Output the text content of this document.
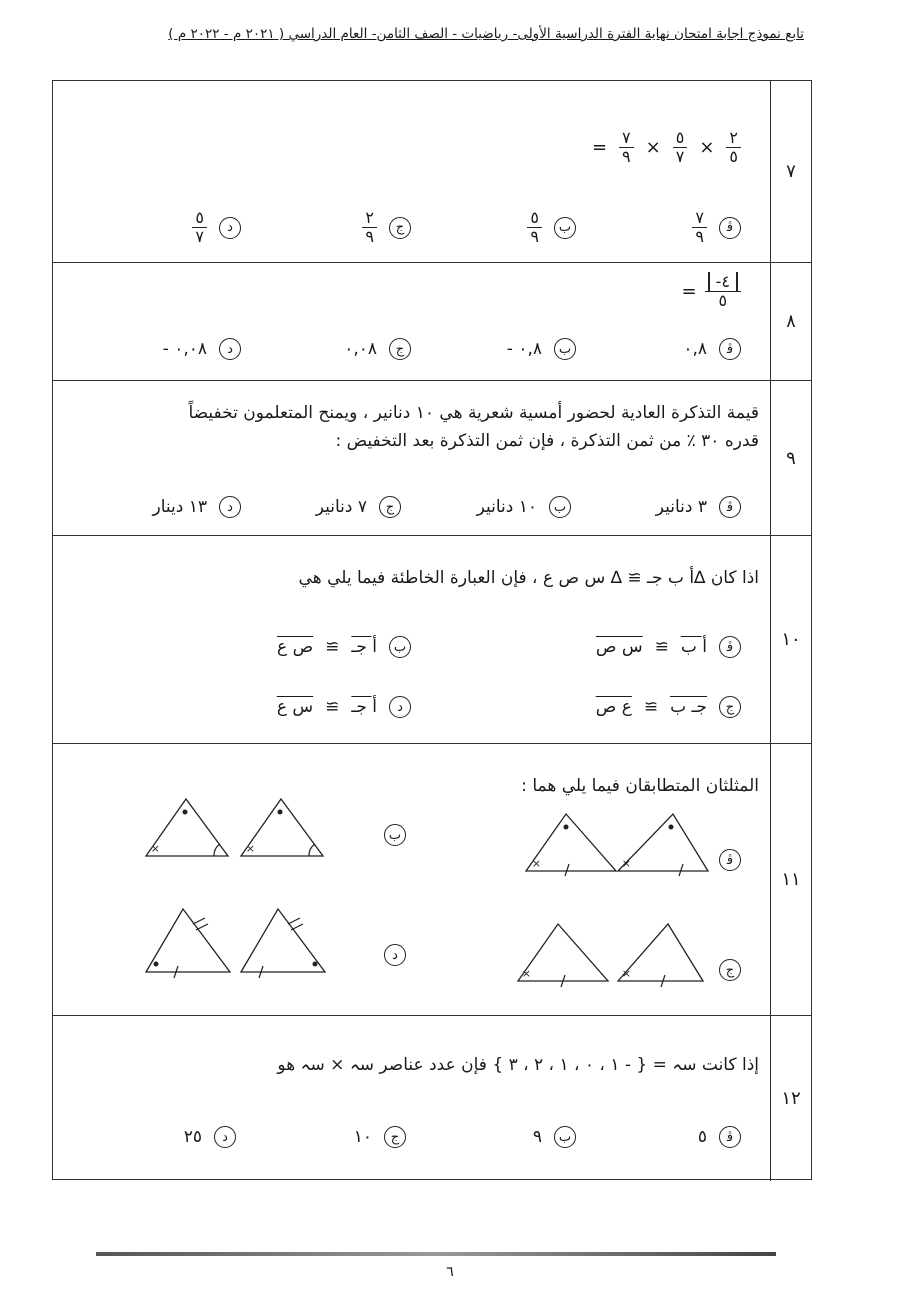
تابع نموذج اجابة امتحان نهاية الفترة الدراسية الأولى- رياضيات - الصف الثامن- العام الدراسي ( ٢٠٢١ م - ٢٠٢٢ م )
٧
$\frac{٢}{٥}$
×
$\frac{٥}{٧}$
×
$\frac{٧}{٩}$
=
ﭬ
$\frac{٧}{٩}$
ب
$\frac{٥}{٩}$
ج
$\frac{٢}{٩}$
د
$\frac{٥}{٧}$
٨
$\frac{٤-}{٥}$
=
ﭬ
٠,٨
ب
٠,٨ -
ج
٠,٠٨
د
٠,٠٨ -
٩
قيمة التذكرة العادية لحضور أمسية شعرية هي ١٠ دنانير ، ويمنح المتعلمون تخفيضاً
قدره ٣٠ ٪ من ثمن التذكرة ، فإن ثمن التذكرة بعد التخفيض :
ﭬ
٣ دنانير
ب
١٠ دنانير
ج
٧ دنانير
د
١٣ دينار
١٠
اذا كان ∆أ ب جـ ≅ ∆ س ص ع ، فإن العبارة الخاطئة فيما يلي هي
ﭬ
أ ب
≅
س ص
ب
أ جـ
≅
ص ع
ج
جـ ب
≅
ع ص
د
أ جـ
≅
س ع
١١
المثلثان المتطابقان فيما يلي هما :
ﭬ
×
×
ب
×
×
ج
×
×
د
١٢
إذا كانت سہ = { - ١ ، ٠ ، ١ ، ٢ ، ٣ } فإن عدد عناصر سہ × سہ هو
ﭬ
٥
ب
٩
ج
١٠
د
٢٥
٦
